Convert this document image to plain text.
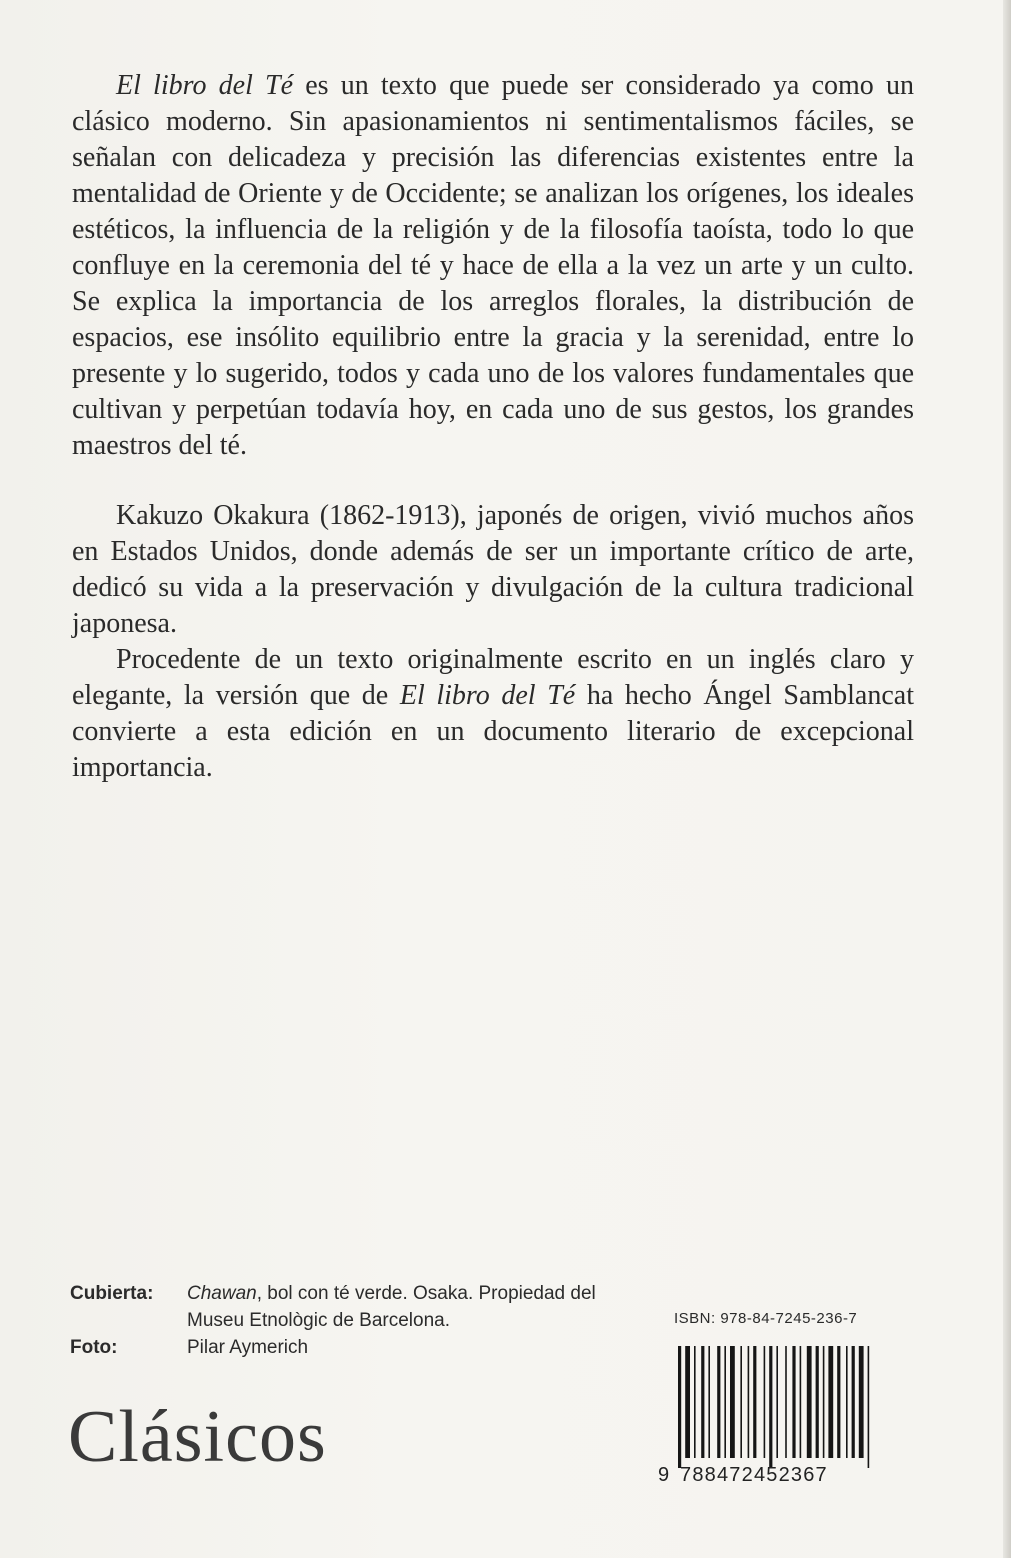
El libro del Té es un texto que puede ser considerado ya como un clásico moderno. Sin apasionamientos ni sentimentalismos fáciles, se señalan con delicadeza y precisión las diferencias existentes entre la mentalidad de Oriente y de Occidente; se analizan los orígenes, los ideales estéticos, la influencia de la religión y de la filosofía taoísta, todo lo que confluye en la ceremonia del té y hace de ella a la vez un arte y un culto. Se explica la importancia de los arreglos florales, la distribución de espacios, ese insólito equilibrio entre la gracia y la serenidad, entre lo presente y lo sugerido, todos y cada uno de los valores fundamentales que cultivan y perpetúan todavía hoy, en cada uno de sus gestos, los grandes maestros del té.

Kakuzo Okakura (1862-1913), japonés de origen, vivió muchos años en Estados Unidos, donde además de ser un importante crítico de arte, dedicó su vida a la preservación y divulgación de la cultura tradicional japonesa.

Procedente de un texto originalmente escrito en un inglés claro y elegante, la versión que de El libro del Té ha hecho Ángel Samblancat convierte a esta edición en un documento literario de excepcional importancia.

Cubierta:	Chawan, bol con té verde. Osaka. Propiedad del Museu Etnològic de Barcelona.
Foto:	Pilar Aymerich
Clásicos
ISBN: 978-84-7245-236-7
9 788472452367
